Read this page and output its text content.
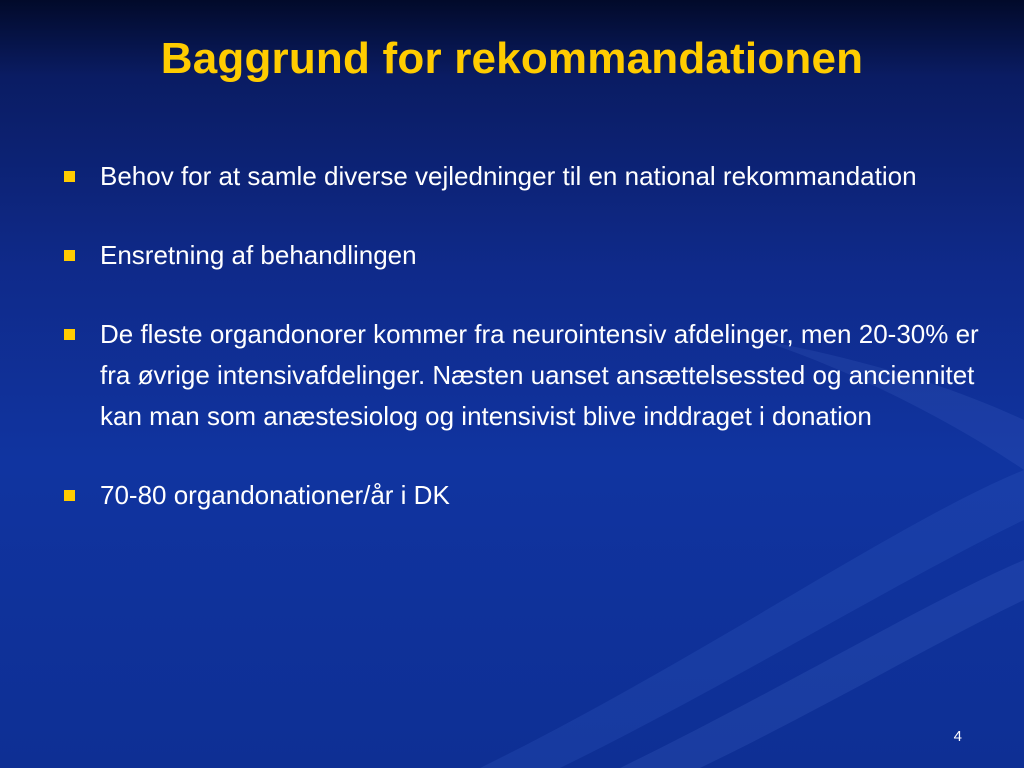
Baggrund for rekommandationen
Behov for at samle diverse vejledninger til en national rekommandation
Ensretning af behandlingen
De fleste organdonorer kommer fra neurointensiv afdelinger, men 20-30% er fra øvrige intensivafdelinger. Næsten uanset ansættelsessted og anciennitet kan man som anæstesiolog og intensivist blive inddraget i donation
70-80 organdonationer/år i DK
4
